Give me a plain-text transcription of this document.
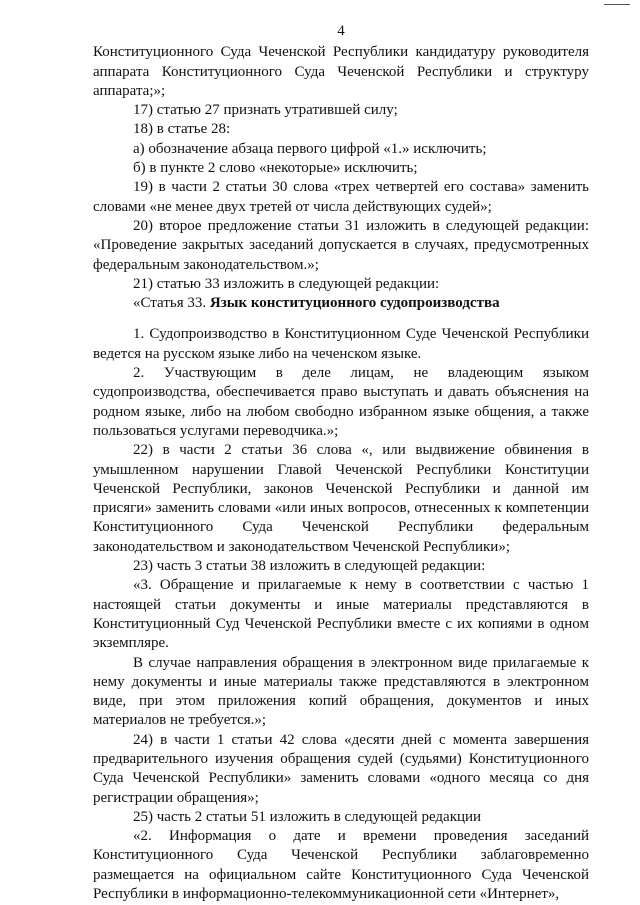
4

Конституционного Суда Чеченской Республики кандидатуру руководителя аппарата Конституционного Суда Чеченской Республики и структуру аппарата;»;

17) статью 27 признать утратившей силу;

18) в статье 28:

а) обозначение абзаца первого цифрой «1.» исключить;

б) в пункте 2 слово «некоторые» исключить;

19) в части 2 статьи 30 слова «трех четвертей его состава» заменить словами «не менее двух третей от числа действующих судей»;

20) второе предложение статьи 31 изложить в следующей редакции: «Проведение закрытых заседаний допускается в случаях, предусмотренных федеральным законодательством.»;

21) статью 33 изложить в следующей редакции:

«Статья 33. Язык конституционного судопроизводства

1. Судопроизводство в Конституционном Суде Чеченской Республики ведется на русском языке либо на чеченском языке.

2. Участвующим в деле лицам, не владеющим языком судопроизводства, обеспечивается право выступать и давать объяснения на родном языке, либо на любом свободно избранном языке общения, а также пользоваться услугами переводчика.»;

22) в части 2 статьи 36 слова «, или выдвижение обвинения в умышленном нарушении Главой Чеченской Республики Конституции Чеченской Республики, законов Чеченской Республики и данной им присяги» заменить словами «или иных вопросов, отнесенных к компетенции Конституционного Суда Чеченской Республики федеральным законодательством и законодательством Чеченской Республики»;

23) часть 3 статьи 38 изложить в следующей редакции:

«3. Обращение и прилагаемые к нему в соответствии с частью 1 настоящей статьи документы и иные материалы представляются в Конституционный Суд Чеченской Республики вместе с их копиями в одном экземпляре.

В случае направления обращения в электронном виде прилагаемые к нему документы и иные материалы также представляются в электронном виде, при этом приложения копий обращения, документов и иных материалов не требуется.»;

24) в части 1 статьи 42 слова «десяти дней с момента завершения предварительного изучения обращения судей (судьями) Конституционного Суда Чеченской Республики» заменить словами «одного месяца со дня регистрации обращения»;

25) часть 2 статьи 51 изложить в следующей редакции

«2. Информация о дате и времени проведения заседаний Конституционного Суда Чеченской Республики заблаговременно размещается на официальном сайте Конституционного Суда Чеченской Республики в информационно-телекоммуникационной сети «Интернет»,
